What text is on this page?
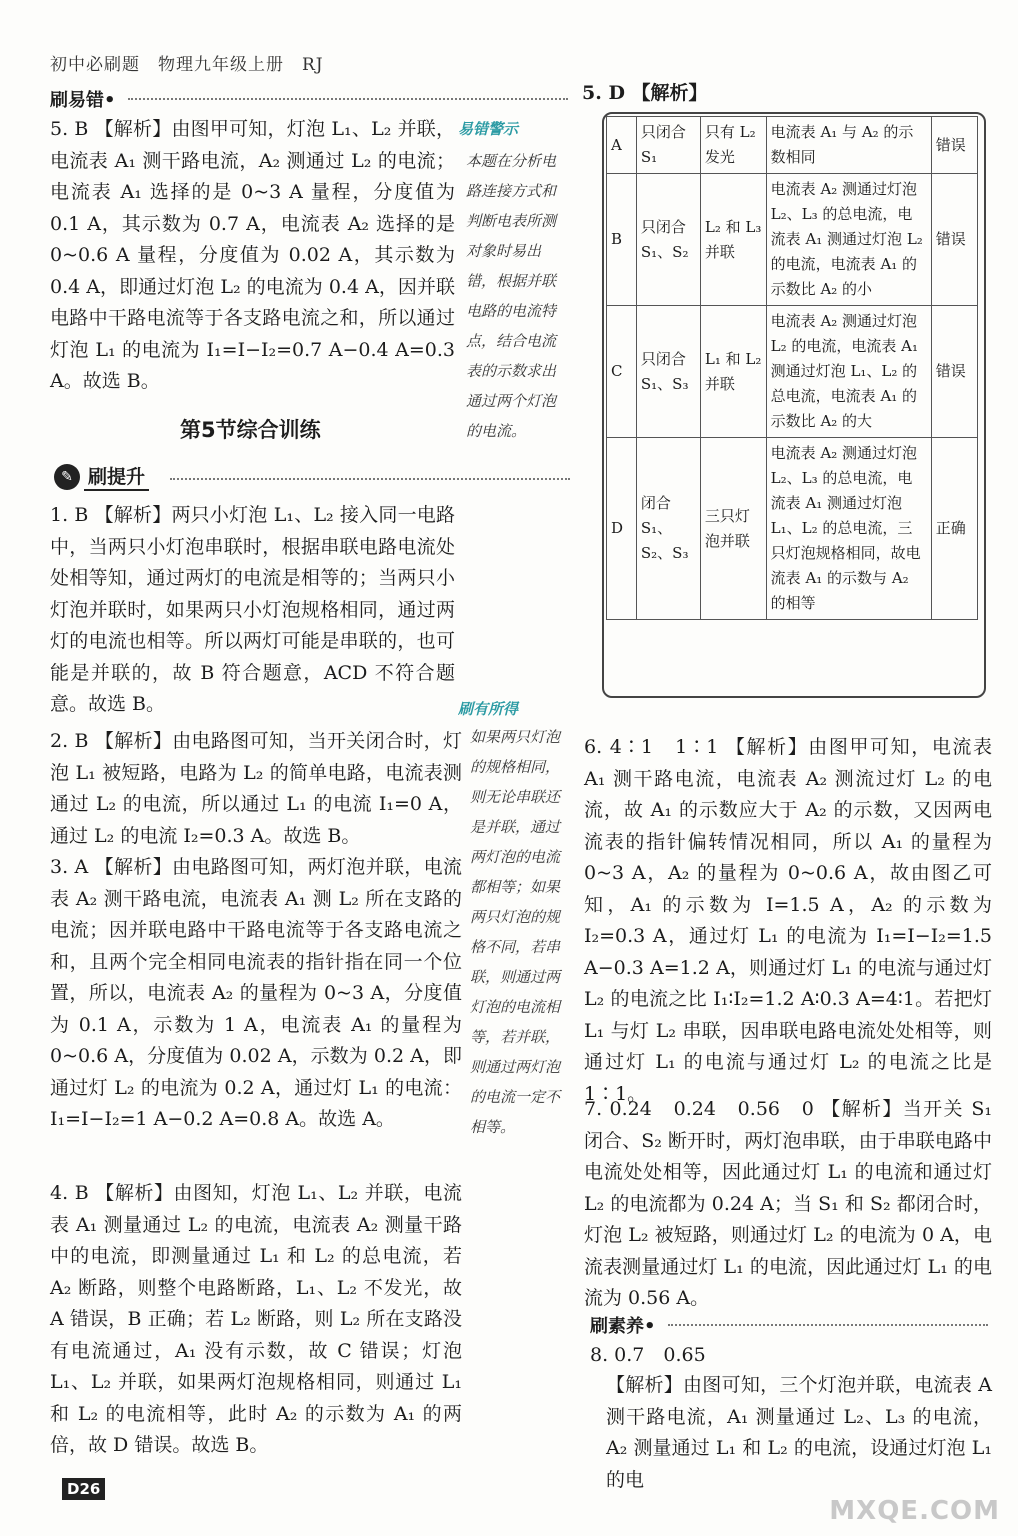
初中必刷题　物理九年级上册　RJ
刷易错•
5. B 【解析】由图甲可知，灯泡 L₁、L₂ 并联，电流表 A₁ 测干路电流，A₂ 测通过 L₂ 的电流；电流表 A₁ 选择的是 0~3 A 量程，分度值为 0.1 A，其示数为 0.7 A，电流表 A₂ 选择的是 0~0.6 A 量程，分度值为 0.02 A，其示数为 0.4 A，即通过灯泡 L₂ 的电流为 0.4 A，因并联电路中干路电流等于各支路电流之和，所以通过灯泡 L₁ 的电流为 I₁=I−I₂=0.7 A−0.4 A=0.3 A。故选 B。
易错警示
本题在分析电路连接方式和判断电表所测对象时易出错，根据并联电路的电流特点，结合电流表的示数求出通过两个灯泡的电流。
第5节综合训练
✎ 刷提升
1. B 【解析】两只小灯泡 L₁、L₂ 接入同一电路中，当两只小灯泡串联时，根据串联电路电流处处相等知，通过两灯的电流是相等的；当两只小灯泡并联时，如果两只小灯泡规格相同，通过两灯的电流也相等。所以两灯可能是串联的，也可能是并联的，故 B 符合题意，ACD 不符合题意。故选 B。	刷有所得
如果两只灯泡的规格相同，则无论串联还是并联，通过两灯泡的电流都相等；如果两只灯泡的规格不同，若串联，则通过两灯泡的电流相等，若并联，则通过两灯泡的电流一定不相等。
2. B 【解析】由电路图可知，当开关闭合时，灯泡 L₁ 被短路，电路为 L₂ 的简单电路，电流表测通过 L₂ 的电流，所以通过 L₁ 的电流 I₁=0 A，通过 L₂ 的电流 I₂=0.3 A。故选 B。
3. A 【解析】由电路图可知，两灯泡并联，电流表 A₂ 测干路电流，电流表 A₁ 测 L₂ 所在支路的电流；因并联电路中干路电流等于各支路电流之和，且两个完全相同电流表的指针指在同一个位置，所以，电流表 A₂ 的量程为 0~3 A，分度值为 0.1 A，示数为 1 A，电流表 A₁ 的量程为 0~0.6 A，分度值为 0.02 A，示数为 0.2 A，即通过灯 L₂ 的电流为 0.2 A，通过灯 L₁ 的电流：I₁=I−I₂=1 A−0.2 A=0.8 A。故选 A。
4. B 【解析】由图知，灯泡 L₁、L₂ 并联，电流表 A₁ 测量通过 L₂ 的电流，电流表 A₂ 测量干路中的电流，即测量通过 L₁ 和 L₂ 的总电流，若 A₂ 断路，则整个电路断路，L₁、L₂ 不发光，故 A 错误，B 正确；若 L₂ 断路，则 L₂ 所在支路没有电流通过，A₁ 没有示数，故 C 错误；灯泡 L₁、L₂ 并联，如果两灯泡规格相同，则通过 L₁ 和 L₂ 的电流相等，此时 A₂ 的示数为 A₁ 的两倍，故 D 错误。故选 B。
D26
5. D 【解析】
A	只闭合 S₁	只有 L₂ 发光	电流表 A₁ 与 A₂ 的示数相同	错误
B	只闭合 S₁、S₂	L₂ 和 L₃ 并联	电流表 A₂ 测通过灯泡 L₂、L₃ 的总电流，电流表 A₁ 测通过灯泡 L₂ 的电流，电流表 A₁ 的示数比 A₂ 的小	错误
C	只闭合 S₁、S₃	L₁ 和 L₂ 并联	电流表 A₂ 测通过灯泡 L₂ 的电流，电流表 A₁ 测通过灯泡 L₁、L₂ 的总电流，电流表 A₁ 的示数比 A₂ 的大	错误
D	闭合 S₁、S₂、S₃	三只灯泡并联	电流表 A₂ 测通过灯泡 L₂、L₃ 的总电流，电流表 A₁ 测通过灯泡 L₁、L₂ 的总电流，三只灯泡规格相同，故电流表 A₁ 的示数与 A₂ 的相等	正确
6. 4∶1　1∶1 【解析】由图甲可知，电流表 A₁ 测干路电流，电流表 A₂ 测流过灯 L₂ 的电流，故 A₁ 的示数应大于 A₂ 的示数，又因两电流表的指针偏转情况相同，所以 A₁ 的量程为 0~3 A，A₂ 的量程为 0~0.6 A，故由图乙可知，A₁ 的示数为 I=1.5 A，A₂ 的示数为 I₂=0.3 A，通过灯 L₁ 的电流为 I₁=I−I₂=1.5 A−0.3 A=1.2 A，则通过灯 L₁ 的电流与通过灯 L₂ 的电流之比 I₁∶I₂=1.2 A∶0.3 A=4∶1。若把灯 L₁ 与灯 L₂ 串联，因串联电路电流处处相等，则通过灯 L₁ 的电流与通过灯 L₂ 的电流之比是 1∶1。
7. 0.24　0.24　0.56　0 【解析】当开关 S₁ 闭合、S₂ 断开时，两灯泡串联，由于串联电路中电流处处相等，因此通过灯 L₁ 的电流和通过灯 L₂ 的电流都为 0.24 A；当 S₁ 和 S₂ 都闭合时，灯泡 L₂ 被短路，则通过灯 L₂ 的电流为 0 A，电流表测量通过灯 L₁ 的电流，因此通过灯 L₁ 的电流为 0.56 A。
刷素养•
8. 0.7　0.65
【解析】由图可知，三个灯泡并联，电流表 A 测干路电流，A₁ 测量通过 L₂、L₃ 的电流，A₂ 测量通过 L₁ 和 L₂ 的电流，设通过灯泡 L₁ 的电
MXQE.COM
